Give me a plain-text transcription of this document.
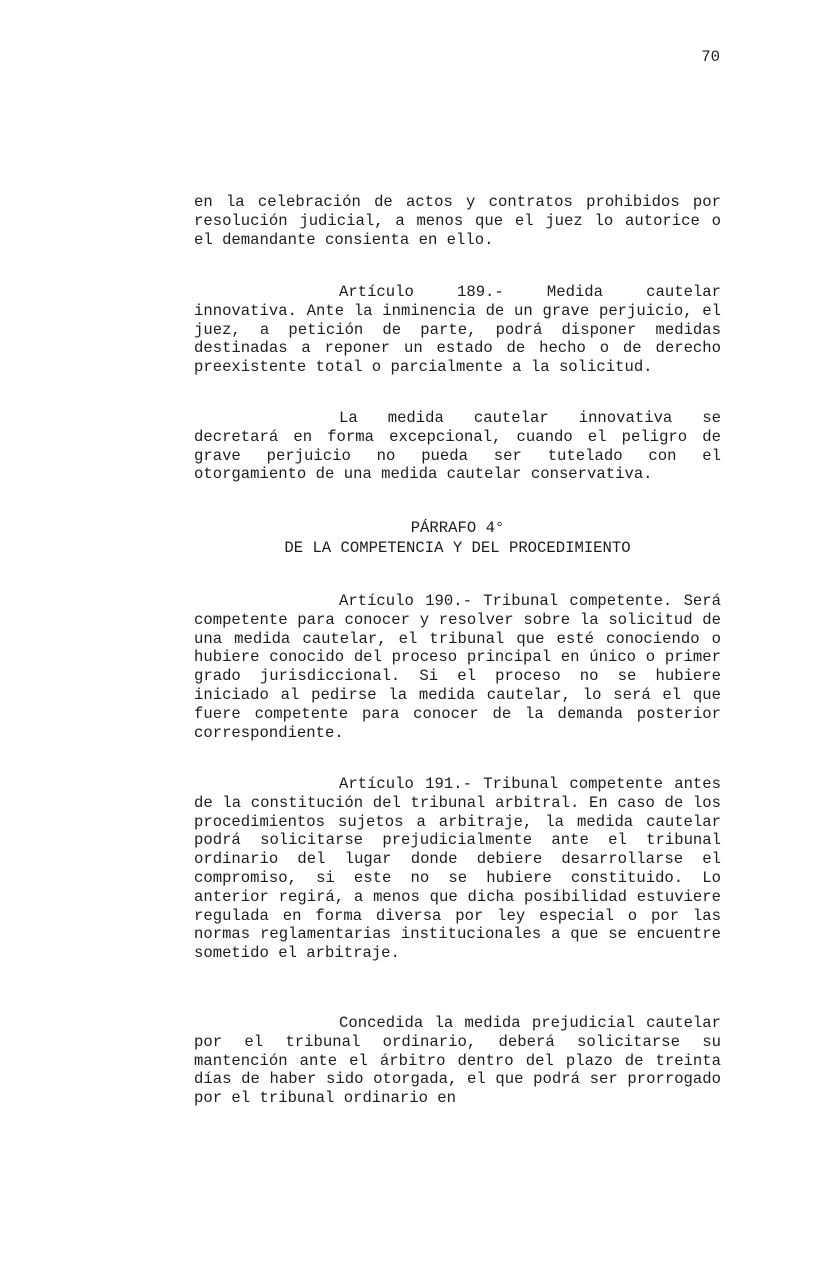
70

en la celebración de actos y contratos prohibidos por resolución judicial, a menos que el juez lo autorice o el demandante consienta en ello.

Artículo 189.- Medida cautelar innovativa. Ante la inminencia de un grave perjuicio, el juez, a petición de parte, podrá disponer medidas destinadas a reponer un estado de hecho o de derecho preexistente total o parcialmente a la solicitud.

La medida cautelar innovativa se decretará en forma excepcional, cuando el peligro de grave perjuicio no pueda ser tutelado con el otorgamiento de una medida cautelar conservativa.

PÁRRAFO 4°
DE LA COMPETENCIA Y DEL PROCEDIMIENTO

Artículo 190.- Tribunal competente. Será competente para conocer y resolver sobre la solicitud de una medida cautelar, el tribunal que esté conociendo o hubiere conocido del proceso principal en único o primer grado jurisdiccional. Si el proceso no se hubiere iniciado al pedirse la medida cautelar, lo será el que fuere competente para conocer de la demanda posterior correspondiente.

Artículo 191.- Tribunal competente antes de la constitución del tribunal arbitral. En caso de los procedimientos sujetos a arbitraje, la medida cautelar podrá solicitarse prejudicialmente ante el tribunal ordinario del lugar donde debiere desarrollarse el compromiso, si este no se hubiere constituido. Lo anterior regirá, a menos que dicha posibilidad estuviere regulada en forma diversa por ley especial o por las normas reglamentarias institucionales a que se encuentre sometido el arbitraje.

Concedida la medida prejudicial cautelar por el tribunal ordinario, deberá solicitarse su mantención ante el árbitro dentro del plazo de treinta días de haber sido otorgada, el que podrá ser prorrogado por el tribunal ordinario en
